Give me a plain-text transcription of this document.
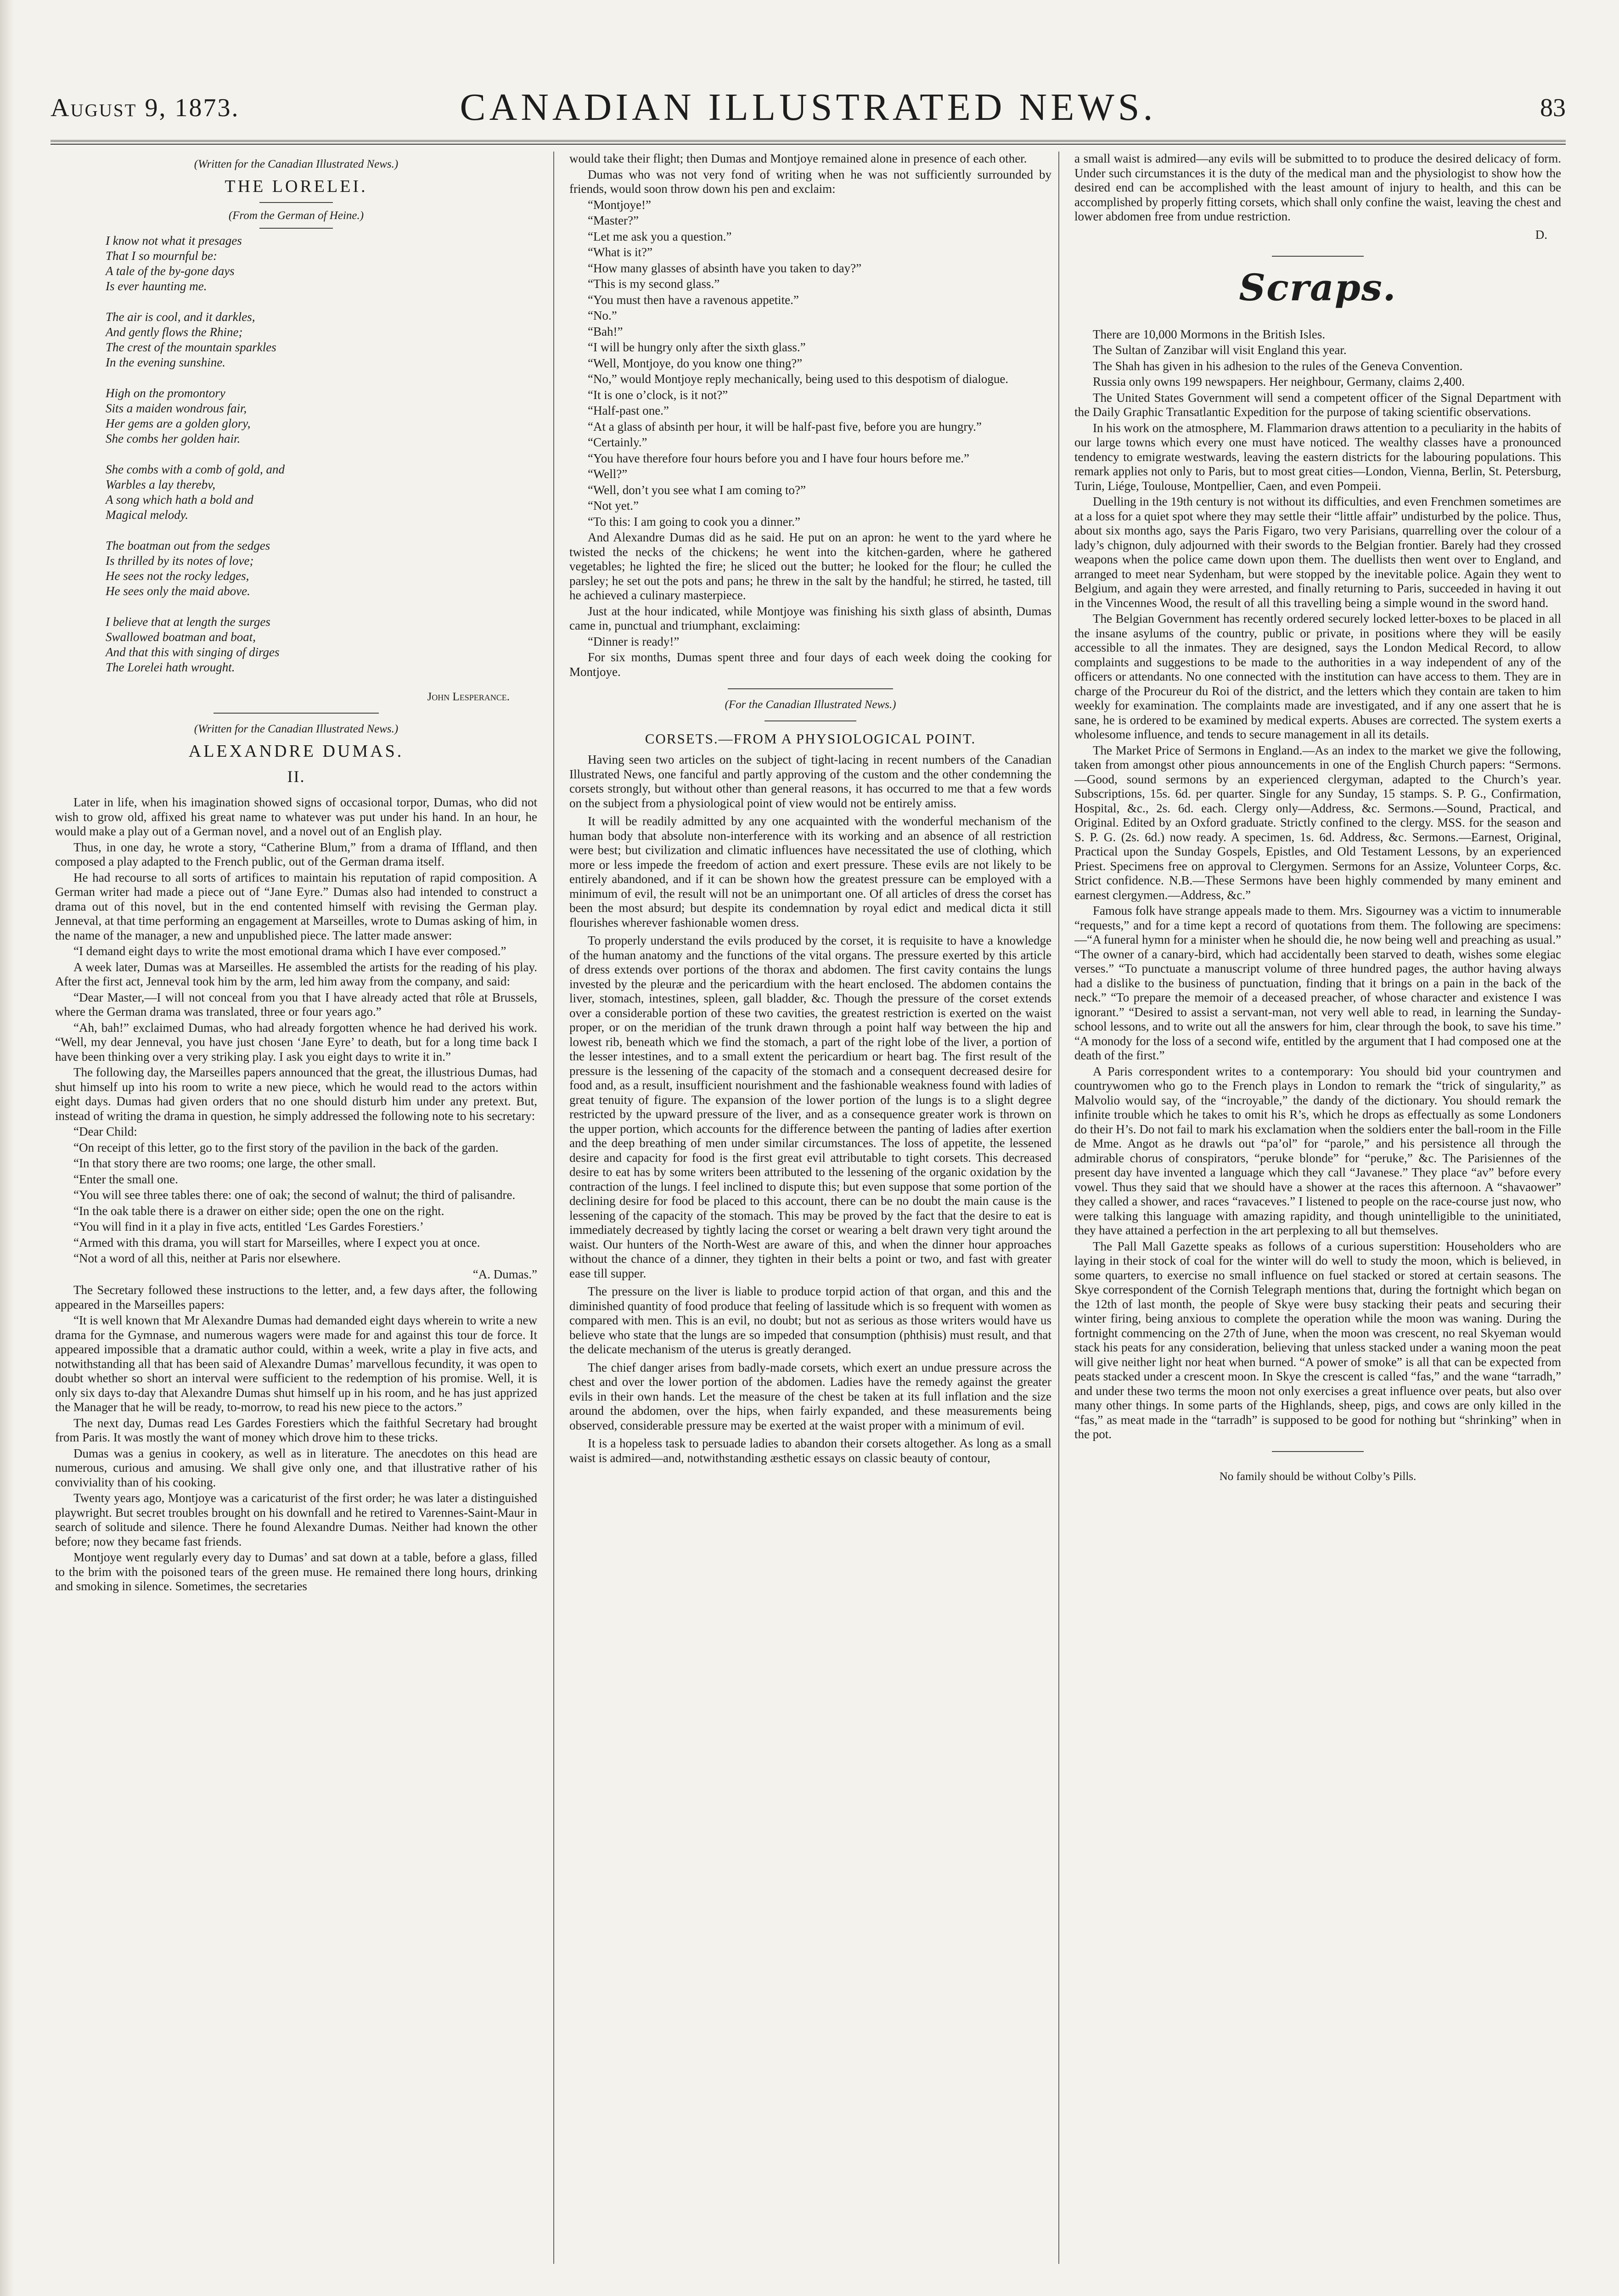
August 9, 1873.	CANADIAN ILLUSTRATED NEWS.	83
(Written for the Canadian Illustrated News.)
THE LORELEI.
(From the German of Heine.)
I know not what it presages
That I so mournful be:
A tale of the by-gone days
Is ever haunting me.
The air is cool, and it darkles,
And gently flows the Rhine;
The crest of the mountain sparkles
In the evening sunshine.
High on the promontory
Sits a maiden wondrous fair,
Her gems are a golden glory,
She combs her golden hair.
She combs with a comb of gold, and
Warbles a lay therebv,
A song which hath a bold and
Magical melody.
The boatman out from the sedges
Is thrilled by its notes of love;
He sees not the rocky ledges,
He sees only the maid above.
I believe that at length the surges
Swallowed boatman and boat,
And that this with singing of dirges
The Lorelei hath wrought.
John Lesperance.
(Written for the Canadian Illustrated News.)
ALEXANDRE DUMAS.
II.

Later in life, when his imagination showed signs of occasional torpor, Dumas, who did not wish to grow old, affixed his great name to whatever was put under his hand. In an hour, he would make a play out of a German novel, and a novel out of an English play.

Thus, in one day, he wrote a story, “Catherine Blum,” from a drama of Iffland, and then composed a play adapted to the French public, out of the German drama itself.

He had recourse to all sorts of artifices to maintain his reputation of rapid composition. A German writer had made a piece out of “Jane Eyre.” Dumas also had intended to construct a drama out of this novel, but in the end contented himself with revising the German play. Jenneval, at that time performing an engagement at Marseilles, wrote to Dumas asking of him, in the name of the manager, a new and unpublished piece. The latter made answer:

“I demand eight days to write the most emotional drama which I have ever composed.”

A week later, Dumas was at Marseilles. He assembled the artists for the reading of his play. After the first act, Jenneval took him by the arm, led him away from the company, and said:

“Dear Master,—I will not conceal from you that I have already acted that rôle at Brussels, where the German drama was translated, three or four years ago.”

“Ah, bah!” exclaimed Dumas, who had already forgotten whence he had derived his work. “Well, my dear Jenneval, you have just chosen ‘Jane Eyre’ to death, but for a long time back I have been thinking over a very striking play. I ask you eight days to write it in.”

The following day, the Marseilles papers announced that the great, the illustrious Dumas, had shut himself up into his room to write a new piece, which he would read to the actors within eight days. Dumas had given orders that no one should disturb him under any pretext. But, instead of writing the drama in question, he simply addressed the following note to his secretary:

“Dear Child:

“On receipt of this letter, go to the first story of the pavilion in the back of the garden.

“In that story there are two rooms; one large, the other small.

“Enter the small one.

“You will see three tables there: one of oak; the second of walnut; the third of palisandre.

“In the oak table there is a drawer on either side; open the one on the right.

“You will find in it a play in five acts, entitled ‘Les Gardes Forestiers.’

“Armed with this drama, you will start for Marseilles, where I expect you at once.

“Not a word of all this, neither at Paris nor elsewhere.

“A. Dumas.”

The Secretary followed these instructions to the letter, and, a few days after, the following appeared in the Marseilles papers:

“It is well known that Mr Alexandre Dumas had demanded eight days wherein to write a new drama for the Gymnase, and numerous wagers were made for and against this tour de force. It appeared impossible that a dramatic author could, within a week, write a play in five acts, and notwithstanding all that has been said of Alexandre Dumas’ marvellous fecundity, it was open to doubt whether so short an interval were sufficient to the redemption of his promise. Well, it is only six days to-day that Alexandre Dumas shut himself up in his room, and he has just apprized the Manager that he will be ready, to-morrow, to read his new piece to the actors.”

The next day, Dumas read Les Gardes Forestiers which the faithful Secretary had brought from Paris. It was mostly the want of money which drove him to these tricks.

Dumas was a genius in cookery, as well as in literature. The anecdotes on this head are numerous, curious and amusing. We shall give only one, and that illustrative rather of his conviviality than of his cooking.

Twenty years ago, Montjoye was a caricaturist of the first order; he was later a distinguished playwright. But secret troubles brought on his downfall and he retired to Varennes-Saint-Maur in search of solitude and silence. There he found Alexandre Dumas. Neither had known the other before; now they became fast friends.

Montjoye went regularly every day to Dumas’ and sat down at a table, before a glass, filled to the brim with the poisoned tears of the green muse. He remained there long hours, drinking and smoking in silence. Sometimes, the secretaries

would take their flight; then Dumas and Montjoye remained alone in presence of each other.

Dumas who was not very fond of writing when he was not sufficiently surrounded by friends, would soon throw down his pen and exclaim:

“Montjoye!”

“Master?”

“Let me ask you a question.”

“What is it?”

“How many glasses of absinth have you taken to day?”

“This is my second glass.”

“You must then have a ravenous appetite.”

“No.”

“Bah!”

“I will be hungry only after the sixth glass.”

“Well, Montjoye, do you know one thing?”

“No,” would Montjoye reply mechanically, being used to this despotism of dialogue.

“It is one o’clock, is it not?”

“Half-past one.”

“At a glass of absinth per hour, it will be half-past five, before you are hungry.”

“Certainly.”

“You have therefore four hours before you and I have four hours before me.”

“Well?”

“Well, don’t you see what I am coming to?”

“Not yet.”

“To this: I am going to cook you a dinner.”

And Alexandre Dumas did as he said. He put on an apron: he went to the yard where he twisted the necks of the chickens; he went into the kitchen-garden, where he gathered vegetables; he lighted the fire; he sliced out the butter; he looked for the flour; he culled the parsley; he set out the pots and pans; he threw in the salt by the handful; he stirred, he tasted, till he achieved a culinary masterpiece.

Just at the hour indicated, while Montjoye was finishing his sixth glass of absinth, Dumas came in, punctual and triumphant, exclaiming:

“Dinner is ready!”

For six months, Dumas spent three and four days of each week doing the cooking for Montjoye.

(For the Canadian Illustrated News.)
CORSETS.—FROM A PHYSIOLOGICAL POINT.

Having seen two articles on the subject of tight-lacing in recent numbers of the Canadian Illustrated News, one fanciful and partly approving of the custom and the other condemning the corsets strongly, but without other than general reasons, it has occurred to me that a few words on the subject from a physiological point of view would not be entirely amiss.

It will be readily admitted by any one acquainted with the wonderful mechanism of the human body that absolute non-interference with its working and an absence of all restriction were best; but civilization and climatic influences have necessitated the use of clothing, which more or less impede the freedom of action and exert pressure. These evils are not likely to be entirely abandoned, and if it can be shown how the greatest pressure can be employed with a minimum of evil, the result will not be an unimportant one. Of all articles of dress the corset has been the most absurd; but despite its condemnation by royal edict and medical dicta it still flourishes wherever fashionable women dress.

To properly understand the evils produced by the corset, it is requisite to have a knowledge of the human anatomy and the functions of the vital organs. The pressure exerted by this article of dress extends over portions of the thorax and abdomen. The first cavity contains the lungs invested by the pleuræ and the pericardium with the heart enclosed. The abdomen contains the liver, stomach, intestines, spleen, gall bladder, &c. Though the pressure of the corset extends over a considerable portion of these two cavities, the greatest restriction is exerted on the waist proper, or on the meridian of the trunk drawn through a point half way between the hip and lowest rib, beneath which we find the stomach, a part of the right lobe of the liver, a portion of the lesser intestines, and to a small extent the pericardium or heart bag. The first result of the pressure is the lessening of the capacity of the stomach and a consequent decreased desire for food and, as a result, insufficient nourishment and the fashionable weakness found with ladies of great tenuity of figure. The expansion of the lower portion of the lungs is to a slight degree restricted by the upward pressure of the liver, and as a consequence greater work is thrown on the upper portion, which accounts for the difference between the panting of ladies after exertion and the deep breathing of men under similar circumstances. The loss of appetite, the lessened desire and capacity for food is the first great evil attributable to tight corsets. This decreased desire to eat has by some writers been attributed to the lessening of the organic oxidation by the contraction of the lungs. I feel inclined to dispute this; but even suppose that some portion of the declining desire for food be placed to this account, there can be no doubt the main cause is the lessening of the capacity of the stomach. This may be proved by the fact that the desire to eat is immediately decreased by tightly lacing the corset or wearing a belt drawn very tight around the waist. Our hunters of the North-West are aware of this, and when the dinner hour approaches without the chance of a dinner, they tighten in their belts a point or two, and fast with greater ease till supper.

The pressure on the liver is liable to produce torpid action of that organ, and this and the diminished quantity of food produce that feeling of lassitude which is so frequent with women as compared with men. This is an evil, no doubt; but not as serious as those writers would have us believe who state that the lungs are so impeded that consumption (phthisis) must result, and that the delicate mechanism of the uterus is greatly deranged.

The chief danger arises from badly-made corsets, which exert an undue pressure across the chest and over the lower portion of the abdomen. Ladies have the remedy against the greater evils in their own hands. Let the measure of the chest be taken at its full inflation and the size around the abdomen, over the hips, when fairly expanded, and these measurements being observed, considerable pressure may be exerted at the waist proper with a minimum of evil.

It is a hopeless task to persuade ladies to abandon their corsets altogether. As long as a small waist is admired—and, notwithstanding æsthetic essays on classic beauty of contour,

a small waist is admired—any evils will be submitted to to produce the desired delicacy of form. Under such circumstances it is the duty of the medical man and the physiologist to show how the desired end can be accomplished with the least amount of injury to health, and this can be accomplished by properly fitting corsets, which shall only confine the waist, leaving the chest and lower abdomen free from undue restriction.

D.
Scraps.

There are 10,000 Mormons in the British Isles.

The Sultan of Zanzibar will visit England this year.

The Shah has given in his adhesion to the rules of the Geneva Convention.

Russia only owns 199 newspapers. Her neighbour, Germany, claims 2,400.

The United States Government will send a competent officer of the Signal Department with the Daily Graphic Transatlantic Expedition for the purpose of taking scientific observations.

In his work on the atmosphere, M. Flammarion draws attention to a peculiarity in the habits of our large towns which every one must have noticed. The wealthy classes have a pronounced tendency to emigrate westwards, leaving the eastern districts for the labouring populations. This remark applies not only to Paris, but to most great cities—London, Vienna, Berlin, St. Petersburg, Turin, Liége, Toulouse, Montpellier, Caen, and even Pompeii.

Duelling in the 19th century is not without its difficulties, and even Frenchmen sometimes are at a loss for a quiet spot where they may settle their “little affair” undisturbed by the police. Thus, about six months ago, says the Paris Figaro, two very Parisians, quarrelling over the colour of a lady’s chignon, duly adjourned with their swords to the Belgian frontier. Barely had they crossed weapons when the police came down upon them. The duellists then went over to England, and arranged to meet near Sydenham, but were stopped by the inevitable police. Again they went to Belgium, and again they were arrested, and finally returning to Paris, succeeded in having it out in the Vincennes Wood, the result of all this travelling being a simple wound in the sword hand.

The Belgian Government has recently ordered securely locked letter-boxes to be placed in all the insane asylums of the country, public or private, in positions where they will be easily accessible to all the inmates. They are designed, says the London Medical Record, to allow complaints and suggestions to be made to the authorities in a way independent of any of the officers or attendants. No one connected with the institution can have access to them. They are in charge of the Procureur du Roi of the district, and the letters which they contain are taken to him weekly for examination. The complaints made are investigated, and if any one assert that he is sane, he is ordered to be examined by medical experts. Abuses are corrected. The system exerts a wholesome influence, and tends to secure management in all its details.

The Market Price of Sermons in England.—As an index to the market we give the following, taken from amongst other pious announcements in one of the English Church papers: “Sermons.—Good, sound sermons by an experienced clergyman, adapted to the Church’s year. Subscriptions, 15s. 6d. per quarter. Single for any Sunday, 15 stamps. S. P. G., Confirmation, Hospital, &c., 2s. 6d. each. Clergy only—Address, &c. Sermons.—Sound, Practical, and Original. Edited by an Oxford graduate. Strictly confined to the clergy. MSS. for the season and S. P. G. (2s. 6d.) now ready. A specimen, 1s. 6d. Address, &c. Sermons.—Earnest, Original, Practical upon the Sunday Gospels, Epistles, and Old Testament Lessons, by an experienced Priest. Specimens free on approval to Clergymen. Sermons for an Assize, Volunteer Corps, &c. Strict confidence. N.B.—These Sermons have been highly commended by many eminent and earnest clergymen.—Address, &c.”

Famous folk have strange appeals made to them. Mrs. Sigourney was a victim to innumerable “requests,” and for a time kept a record of quotations from them. The following are specimens:—“A funeral hymn for a minister when he should die, he now being well and preaching as usual.” “The owner of a canary-bird, which had accidentally been starved to death, wishes some elegiac verses.” “To punctuate a manuscript volume of three hundred pages, the author having always had a dislike to the business of punctuation, finding that it brings on a pain in the back of the neck.” “To prepare the memoir of a deceased preacher, of whose character and existence I was ignorant.” “Desired to assist a servant-man, not very well able to read, in learning the Sunday-school lessons, and to write out all the answers for him, clear through the book, to save his time.” “A monody for the loss of a second wife, entitled by the argument that I had composed one at the death of the first.”

A Paris correspondent writes to a contemporary: You should bid your countrymen and countrywomen who go to the French plays in London to remark the “trick of singularity,” as Malvolio would say, of the “incroyable,” the dandy of the dictionary. You should remark the infinite trouble which he takes to omit his R’s, which he drops as effectually as some Londoners do their H’s. Do not fail to mark his exclamation when the soldiers enter the ball-room in the Fille de Mme. Angot as he drawls out “pa’ol” for “parole,” and his persistence all through the admirable chorus of conspirators, “peruke blonde” for “peruke,” &c. The Parisiennes of the present day have invented a language which they call “Javanese.” They place “av” before every vowel. Thus they said that we should have a shower at the races this afternoon. A “shavaower” they called a shower, and races “ravaceves.” I listened to people on the race-course just now, who were talking this language with amazing rapidity, and though unintelligible to the uninitiated, they have attained a perfection in the art perplexing to all but themselves.

The Pall Mall Gazette speaks as follows of a curious superstition: Householders who are laying in their stock of coal for the winter will do well to study the moon, which is believed, in some quarters, to exercise no small influence on fuel stacked or stored at certain seasons. The Skye correspondent of the Cornish Telegraph mentions that, during the fortnight which began on the 12th of last month, the people of Skye were busy stacking their peats and securing their winter firing, being anxious to complete the operation while the moon was waning. During the fortnight commencing on the 27th of June, when the moon was crescent, no real Skyeman would stack his peats for any consideration, believing that unless stacked under a waning moon the peat will give neither light nor heat when burned. “A power of smoke” is all that can be expected from peats stacked under a crescent moon. In Skye the crescent is called “fas,” and the wane “tarradh,” and under these two terms the moon not only exercises a great influence over peats, but also over many other things. In some parts of the Highlands, sheep, pigs, and cows are only killed in the “fas,” as meat made in the “tarradh” is supposed to be good for nothing but “shrinking” when in the pot.

No family should be without Colby’s Pills.
